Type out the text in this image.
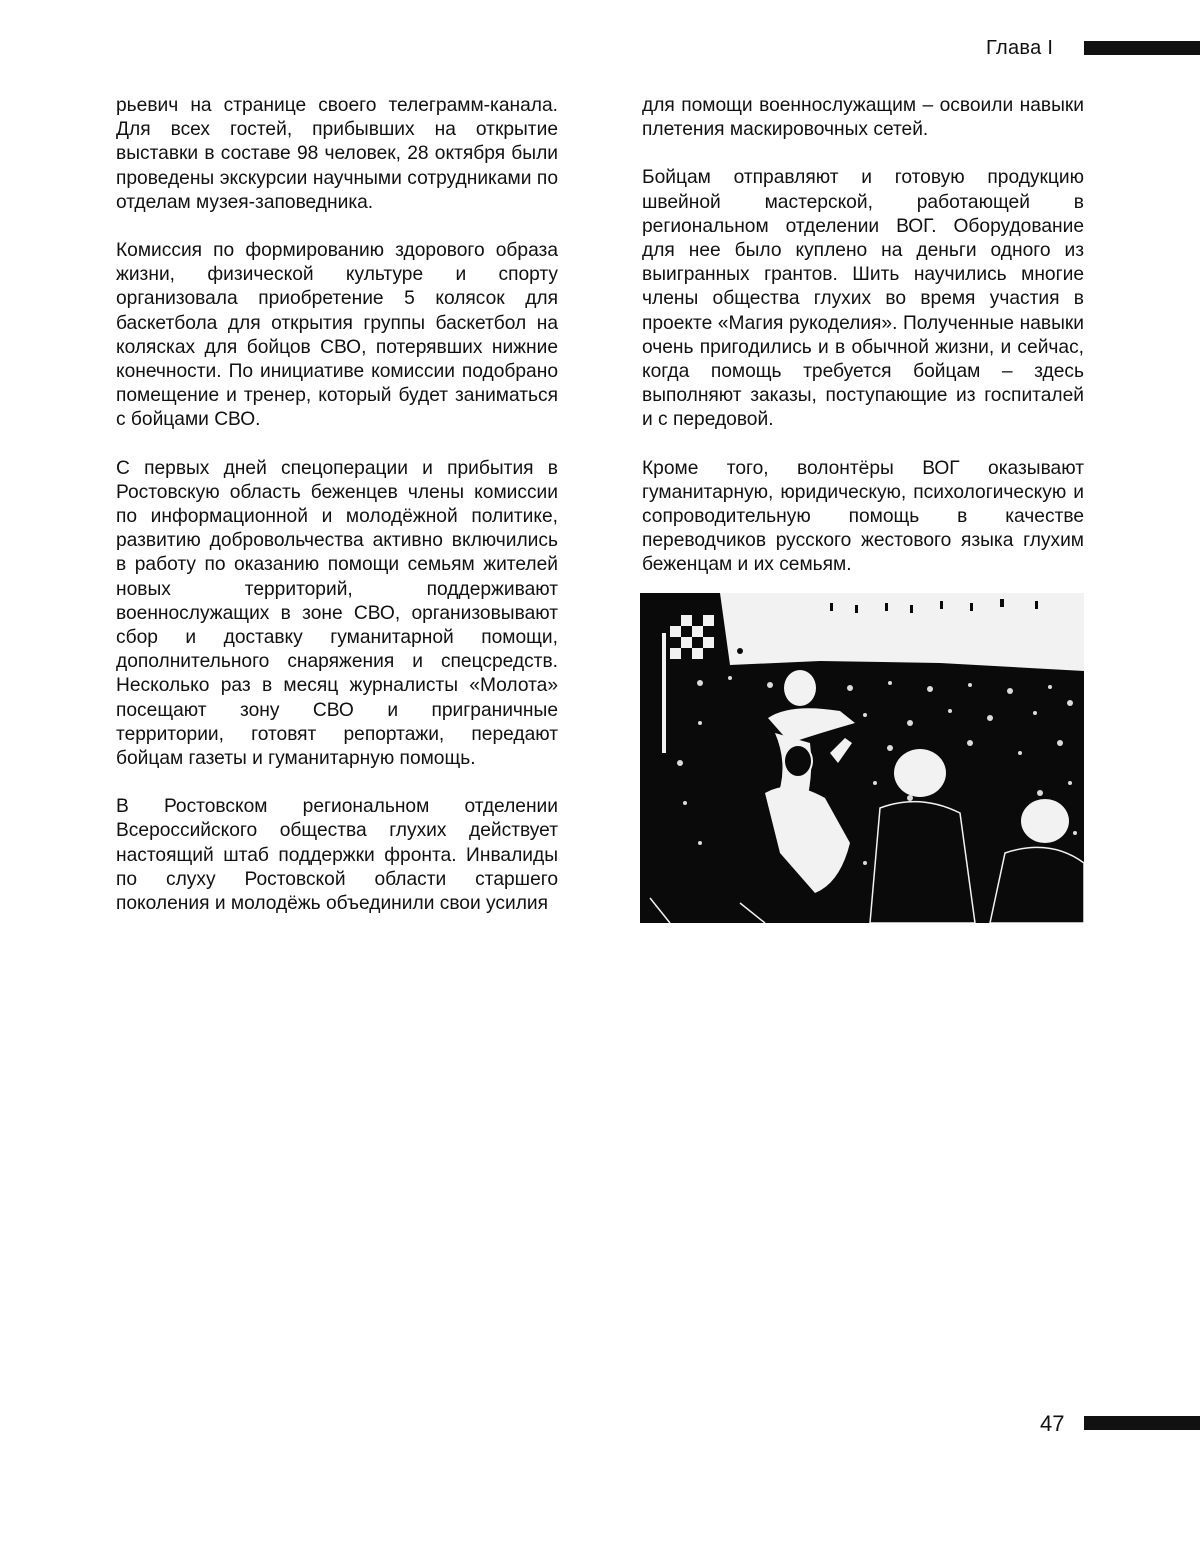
Глава I

рьевич на странице своего телеграмм-канала. Для всех гостей, прибывших на открытие выставки в составе 98 человек, 28 октября были проведены экскурсии научными сотрудниками по отделам музея-заповедника.

Комиссия по формированию здорового образа жизни, физической культуре и спорту организовала приобретение 5 колясок для баскетбола для открытия группы баскетбол на колясках для бойцов СВО, потерявших нижние конечности. По инициативе комиссии подобрано помещение и тренер, который будет заниматься с бойцами СВО.

С первых дней спецоперации и прибытия в Ростовскую область беженцев члены комиссии по информационной и молодёжной политике, развитию добровольчества активно включились в работу по оказанию помощи семьям жителей новых территорий, поддерживают военнослужащих в зоне СВО, организовывают сбор и доставку гуманитарной помощи, дополнительного снаряжения и спецсредств. Несколько раз в месяц журналисты «Молота» посещают зону СВО и приграничные территории, готовят репортажи, передают бойцам газеты и гуманитарную помощь.

В Ростовском региональном отделении Всероссийского общества глухих действует настоящий штаб поддержки фронта. Инвалиды по слуху Ростовской области старшего поколения и молодёжь объединили свои усилия

для помощи военнослужащим – освоили навыки плетения маскировочных сетей.

Бойцам отправляют и готовую продукцию швейной мастерской, работающей в региональном отделении ВОГ. Оборудование для нее было куплено на деньги одного из выигранных грантов. Шить научились многие члены общества глухих во время участия в проекте «Магия рукоделия». Полученные навыки очень пригодились и в обычной жизни, и сейчас, когда помощь требуется бойцам – здесь выполняют заказы, поступающие из госпиталей и с передовой.

Кроме того, волонтёры ВОГ оказывают гуманитарную, юридическую, психологическую и сопроводительную помощь в качестве переводчиков русского жестового языка глухим беженцам и их семьям.

47
